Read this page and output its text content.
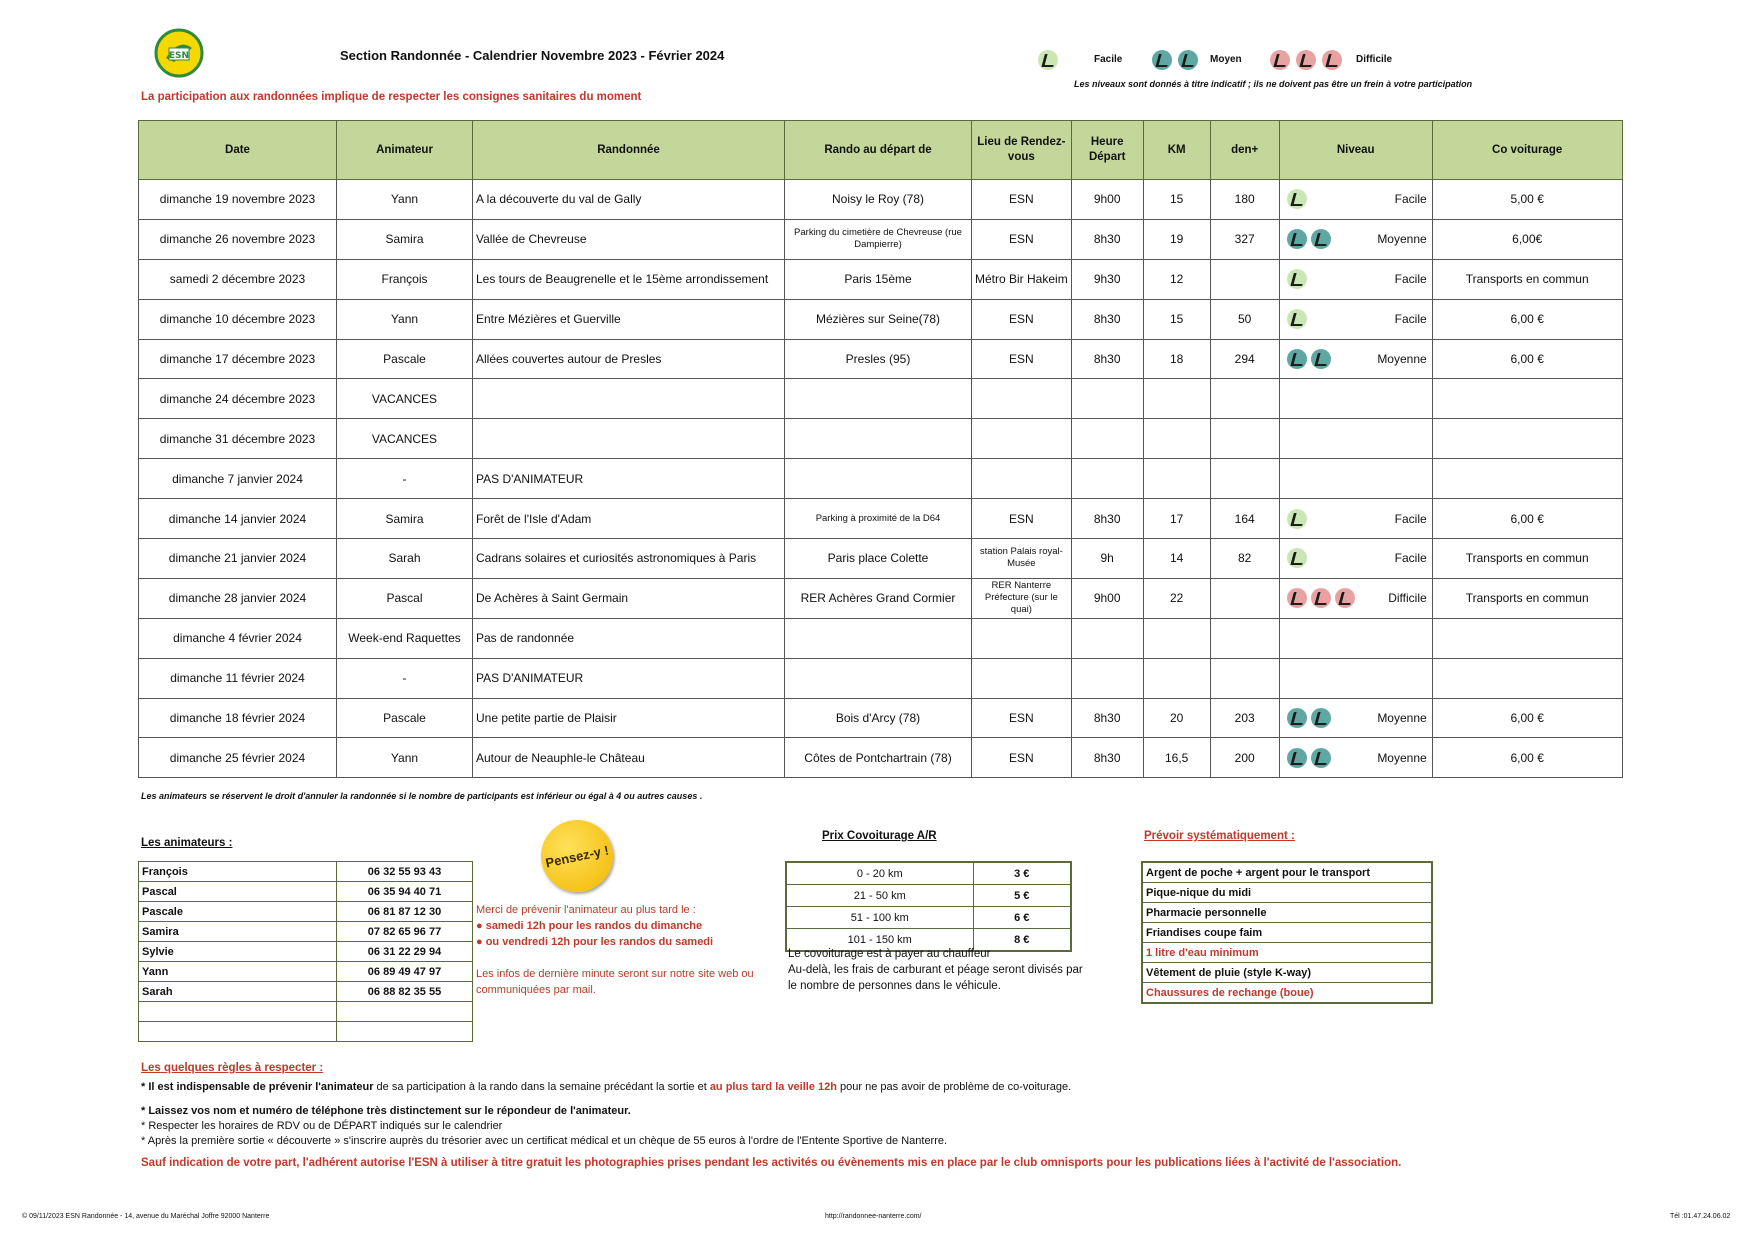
ESN	Section Randonnée - Calendrier Novembre 2023 - Février 2024	Facile	Moyen	Difficile
Les niveaux sont donnés à titre indicatif ; ils ne doivent pas être un frein à votre participation
La participation aux randonnées implique de respecter les consignes sanitaires du moment
Date	Animateur	Randonnée	Rando au départ de	Lieu de Rendez-vous	Heure Départ	KM	den+	Niveau	Co voiturage
dimanche 19 novembre 2023	Yann	A la découverte du val de Gally	Noisy le Roy (78)	ESN	9h00	15	180	Facile	5,00 €
dimanche 26 novembre 2023	Samira	Vallée de Chevreuse	Parking du cimetière de Chevreuse (rue Dampierre)	ESN	8h30	19	327	Moyenne	6,00€
samedi 2 décembre 2023	François	Les tours de Beaugrenelle et le 15ème arrondissement	Paris 15ème	Métro Bir Hakeim	9h30	12		Facile	Transports en commun
dimanche 10 décembre 2023	Yann	Entre Mézières et Guerville	Mézières sur Seine(78)	ESN	8h30	15	50	Facile	6,00 €
dimanche 17 décembre 2023	Pascale	Allées couvertes autour de Presles	Presles (95)	ESN	8h30	18	294	Moyenne	6,00 €
dimanche 24 décembre 2023	VACANCES							

dimanche 31 décembre 2023	VACANCES							

dimanche 7 janvier 2024	-	PAS D'ANIMATEUR						

dimanche 14 janvier 2024	Samira	Forêt de l'Isle d'Adam	Parking à proximité de la D64	ESN	8h30	17	164	Facile	6,00 €
dimanche 21 janvier 2024	Sarah	Cadrans solaires et curiosités astronomiques à Paris	Paris place Colette	station Palais royal-Musée	9h	14	82	Facile	Transports en commun
dimanche 28 janvier 2024	Pascal	De Achères à Saint Germain	RER Achères Grand Cormier	RER Nanterre Préfecture (sur le quai)	9h00	22		Difficile	Transports en commun
dimanche 4 février 2024	Week-end Raquettes	Pas de randonnée						

dimanche 11 février 2024	-	PAS D'ANIMATEUR						

dimanche 18 février 2024	Pascale	Une petite partie de Plaisir	Bois d'Arcy (78)	ESN	8h30	20	203	Moyenne	6,00 €
dimanche 25 février 2024	Yann	Autour de Neauphle-le Château	Côtes de Pontchartrain (78)	ESN	8h30	16,5	200	Moyenne	6,00 €
Les animateurs se réservent le droit d'annuler la randonnée si le nombre de participants est inférieur ou égal à 4 ou autres causes .
Les animateurs :
François	06 32 55 93 43
Pascal	06 35 94 40 71
Pascale	06 81 87 12 30
Samira	07 82 65 96 77
Sylvie	06 31 22 29 94
Yann	06 89 49 47 97
Sarah	06 88 82 35 55

Pensez-y !
Merci de prévenir l'animateur au plus tard le :
● samedi 12h pour les randos du dimanche
● ou vendredi 12h pour les randos du samedi
Les infos de dernière minute seront sur notre site web ou communiquées par mail.
Prix Covoiturage A/R
0 - 20 km	3 €
21 - 50 km	5 €
51 - 100 km	6 €
101 - 150 km	8 €
Le covoiturage est à payer au chauffeur
Au-delà, les frais de carburant et péage seront divisés par le nombre de personnes dans le véhicule.
Prévoir systématiquement :
Argent de poche + argent pour le transport
Pique-nique du midi
Pharmacie personnelle
Friandises coupe faim
1 litre d'eau minimum
Vêtement de pluie (style K-way)
Chaussures de rechange (boue)
Les quelques règles à respecter :
* Il est indispensable de prévenir l'animateur de sa participation à la rando dans la semaine précédant la sortie et au plus tard la veille 12h pour ne pas avoir de problème de co-voiturage.
* Laissez vos nom et numéro de téléphone très distinctement sur le répondeur de l'animateur.
* Respecter les horaires de RDV ou de DÉPART indiqués sur le calendrier
* Après la première sortie « découverte » s'inscrire auprès du trésorier avec un certificat médical et un chèque de 55 euros à l'ordre de l'Entente Sportive de Nanterre.
Sauf indication de votre part, l'adhérent autorise l'ESN à utiliser à titre gratuit les photographies prises pendant les activités ou évènements mis en place par le club omnisports pour les publications liées à l'activité de l'association.
© 09/11/2023 ESN Randonnée - 14, avenue du Maréchal Joffre 92000 Nanterre	http://randonnee-nanterre.com/	Tél :01.47.24.06.02
